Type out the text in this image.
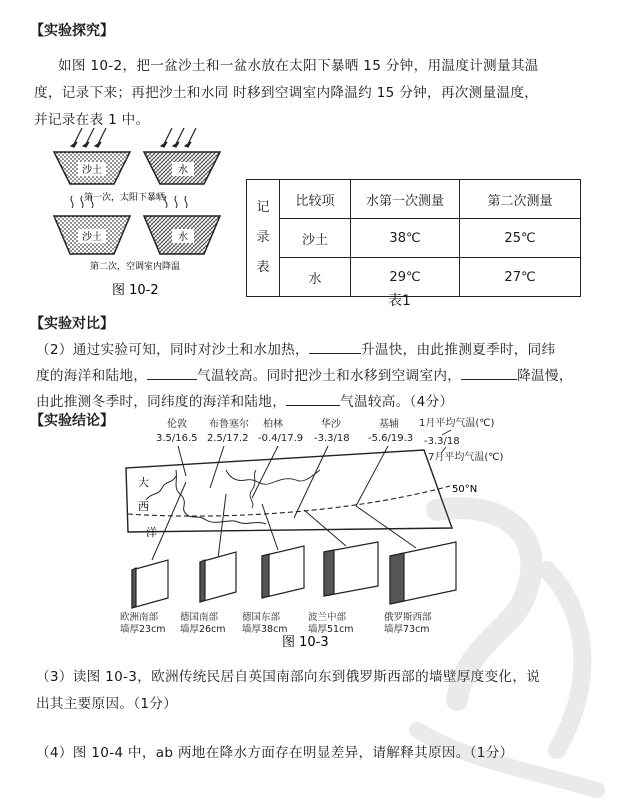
【实验探究】
如图 10-2，把一盆沙土和一盆水放在太阳下暴晒 15 分钟，用温度计测量其温
度，记录下来；再把沙土和水同 时移到空调室内降温约 15 分钟，再次测量温度，
并记录在表 1 中。
沙土	水
第一次，太阳下暴晒
沙土	水
第二次，空调室内降温
图 10-2
记
录
表	比较项	水第一次测量	第二次测量
	沙土	38℃	25℃
	水	29℃	27℃
表1
【实验对比】
（2）通过实验可知，同时对沙土和水加热，	升温快，由此推测夏季时，同纬
度的海洋和陆地，	气温较高。同时把沙土和水移到空调室内，	降温慢，
由此推测冬季时，同纬度的海洋和陆地，	气温较高。（4分）
【实验结论】	伦敦
3.5/16.5
布鲁塞尔
2.5/17.2
柏林
-0.4/17.9
华沙
-3.3/18
基辅
-5.6/19.3
1月平均气温(℃)
-3.3/18
7月平均气温(℃)
大
西
洋
50°N
欧洲南部
墙厚23cm
德国南部
墙厚26cm
德国东部
墙厚38cm
波兰中部
墙厚51cm
俄罗斯西部
墙厚73cm
图 10-3
（3）读图 10-3，欧洲传统民居自英国南部向东到俄罗斯西部的墙壁厚度变化，说
出其主要原因。（1分）
（4）图 10-4 中，ab 两地在降水方面存在明显差异，请解释其原因。（1分）
